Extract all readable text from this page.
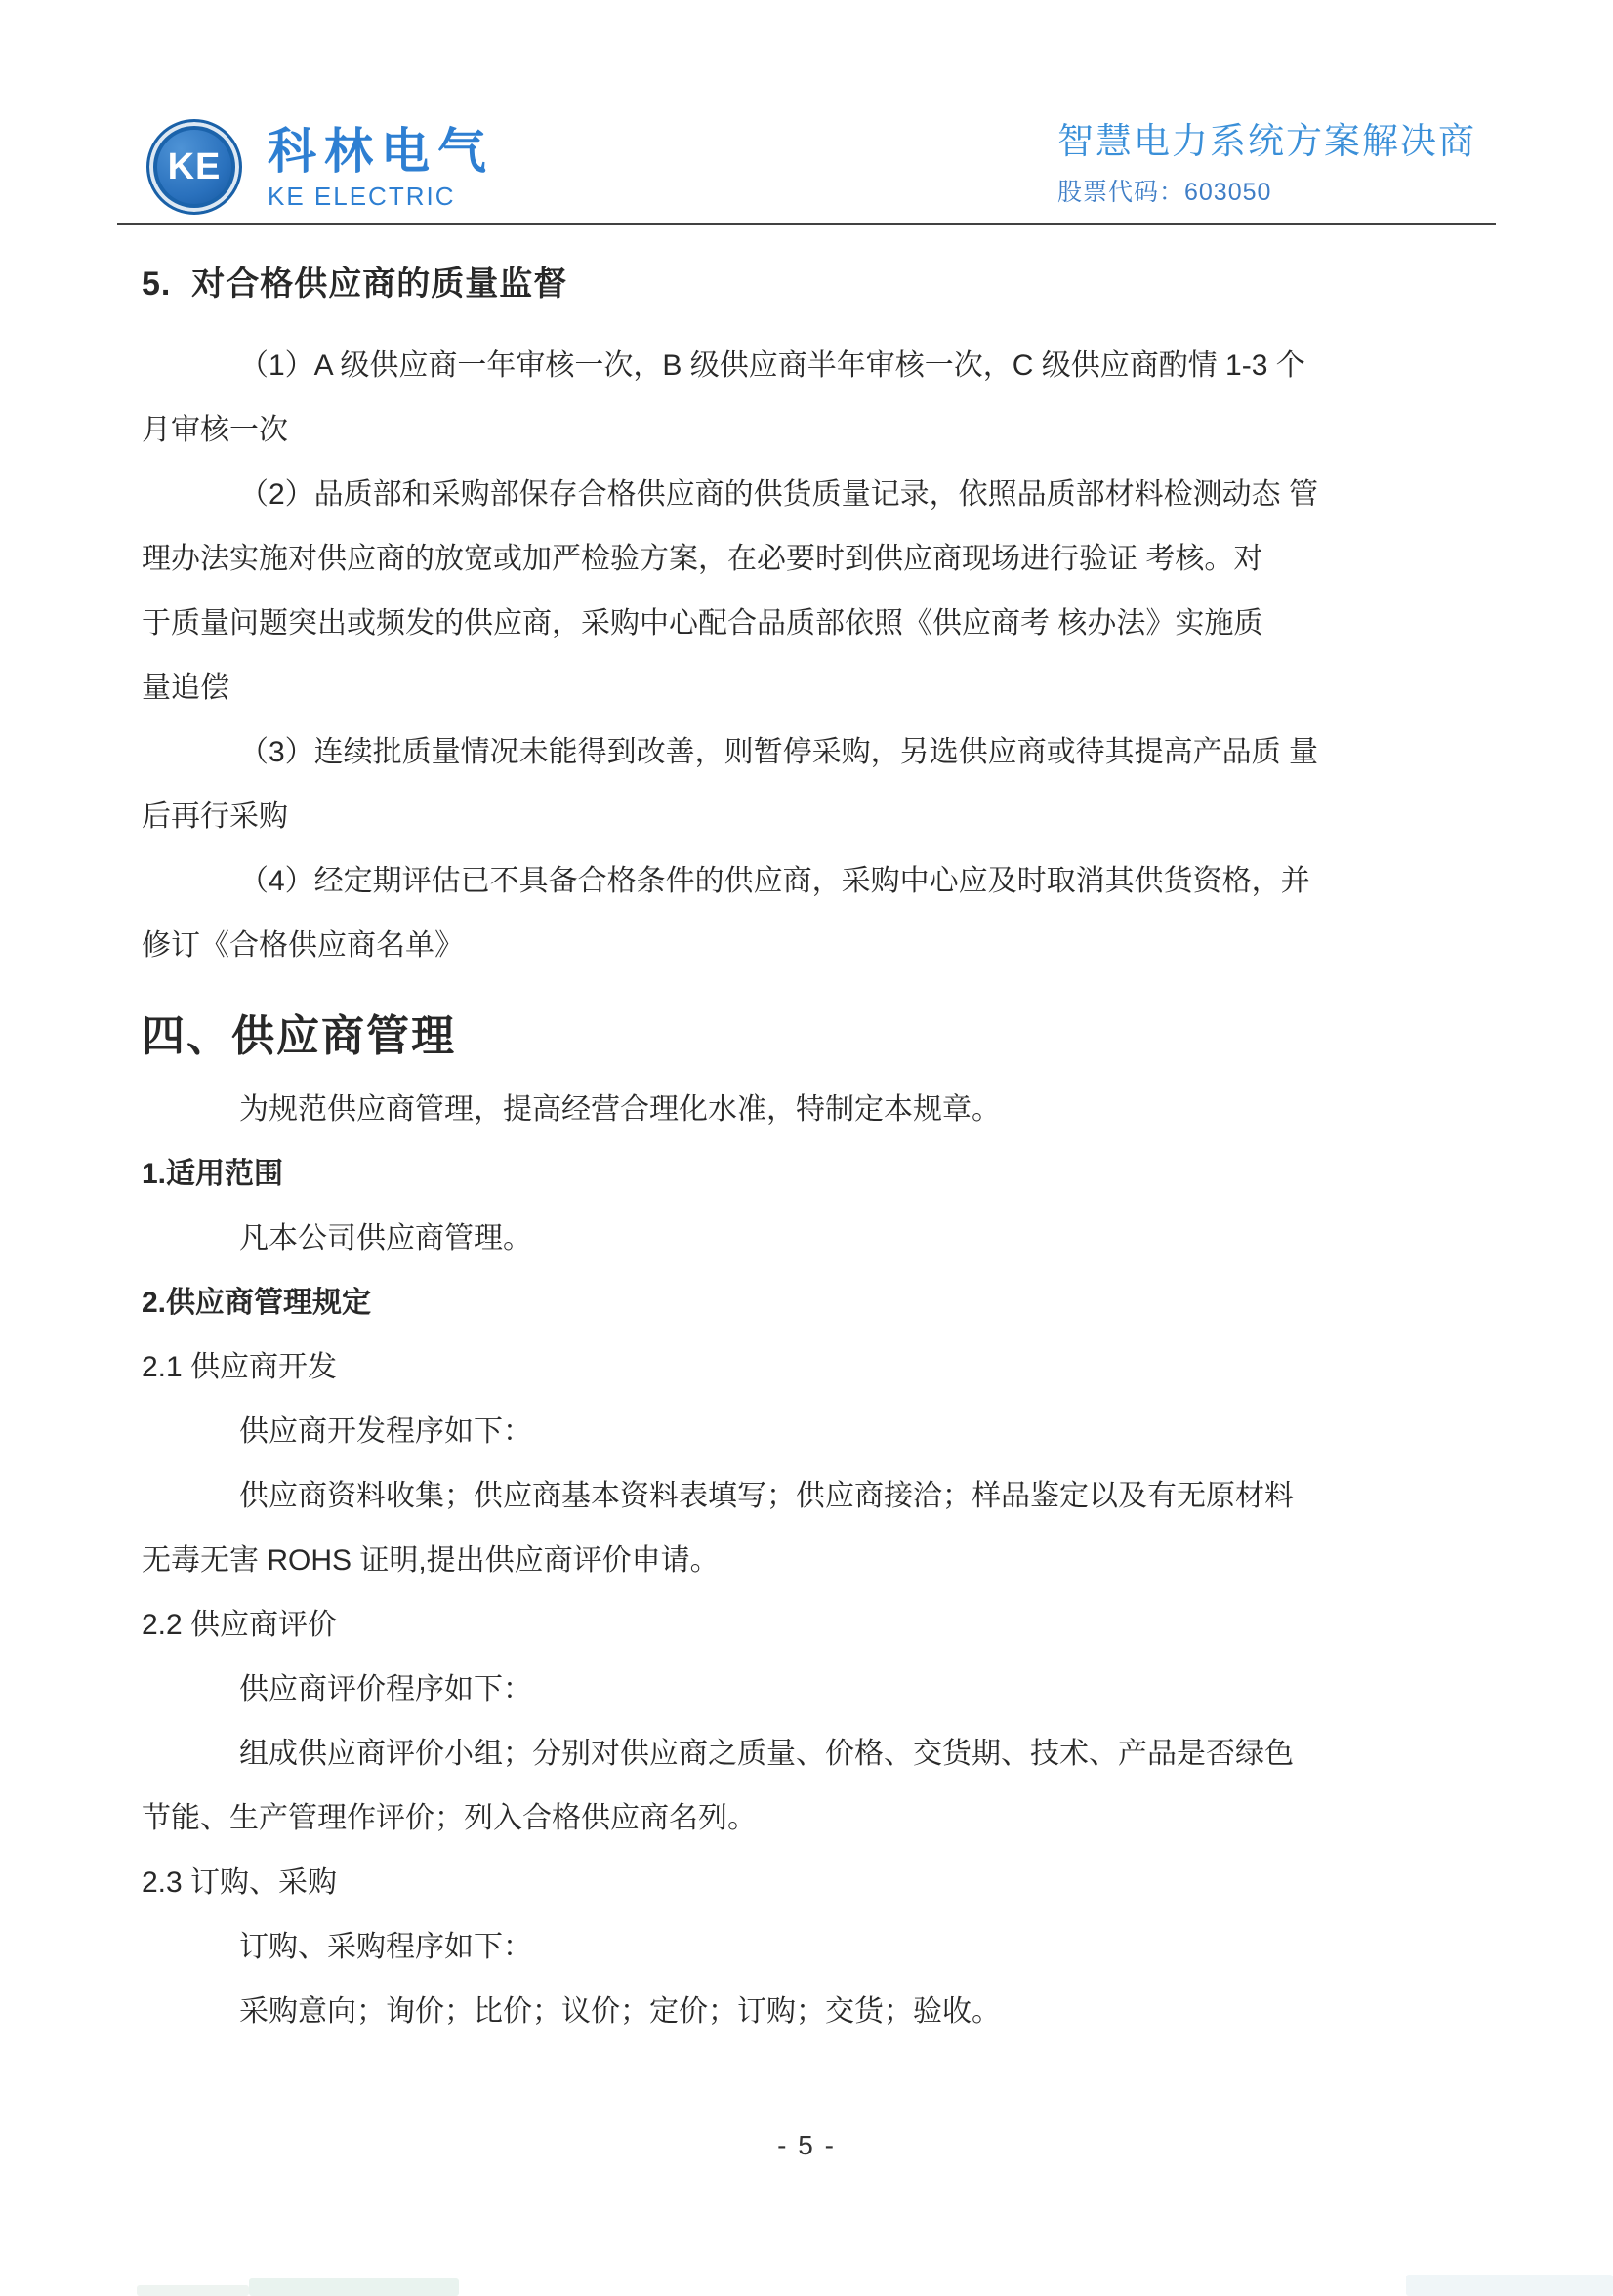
KE 科林电气
KE ELECTRIC
智慧电力系统方案解决商
股票代码：603050
5.  对合格供应商的质量监督
（1）A 级供应商一年审核一次，B 级供应商半年审核一次，C 级供应商酌情 1-3 个
月审核一次
（2）品质部和采购部保存合格供应商的供货质量记录，依照品质部材料检测动态 管
理办法实施对供应商的放宽或加严检验方案，在必要时到供应商现场进行验证 考核。对
于质量问题突出或频发的供应商，采购中心配合品质部依照《供应商考 核办法》实施质
量追偿
（3）连续批质量情况未能得到改善，则暂停采购，另选供应商或待其提高产品质 量
后再行采购
（4）经定期评估已不具备合格条件的供应商，采购中心应及时取消其供货资格，并
修订《合格供应商名单》
四、供应商管理
为规范供应商管理，提高经营合理化水准，特制定本规章。
1.适用范围
凡本公司供应商管理。
2.供应商管理规定
2.1 供应商开发
供应商开发程序如下：
供应商资料收集；供应商基本资料表填写；供应商接洽；样品鉴定以及有无原材料
无毒无害 ROHS 证明,提出供应商评价申请。
2.2 供应商评价
供应商评价程序如下：
组成供应商评价小组；分别对供应商之质量、价格、交货期、技术、产品是否绿色
节能、生产管理作评价；列入合格供应商名列。
2.3 订购、采购
订购、采购程序如下：
采购意向；询价；比价；议价；定价；订购；交货；验收。
- 5 -
